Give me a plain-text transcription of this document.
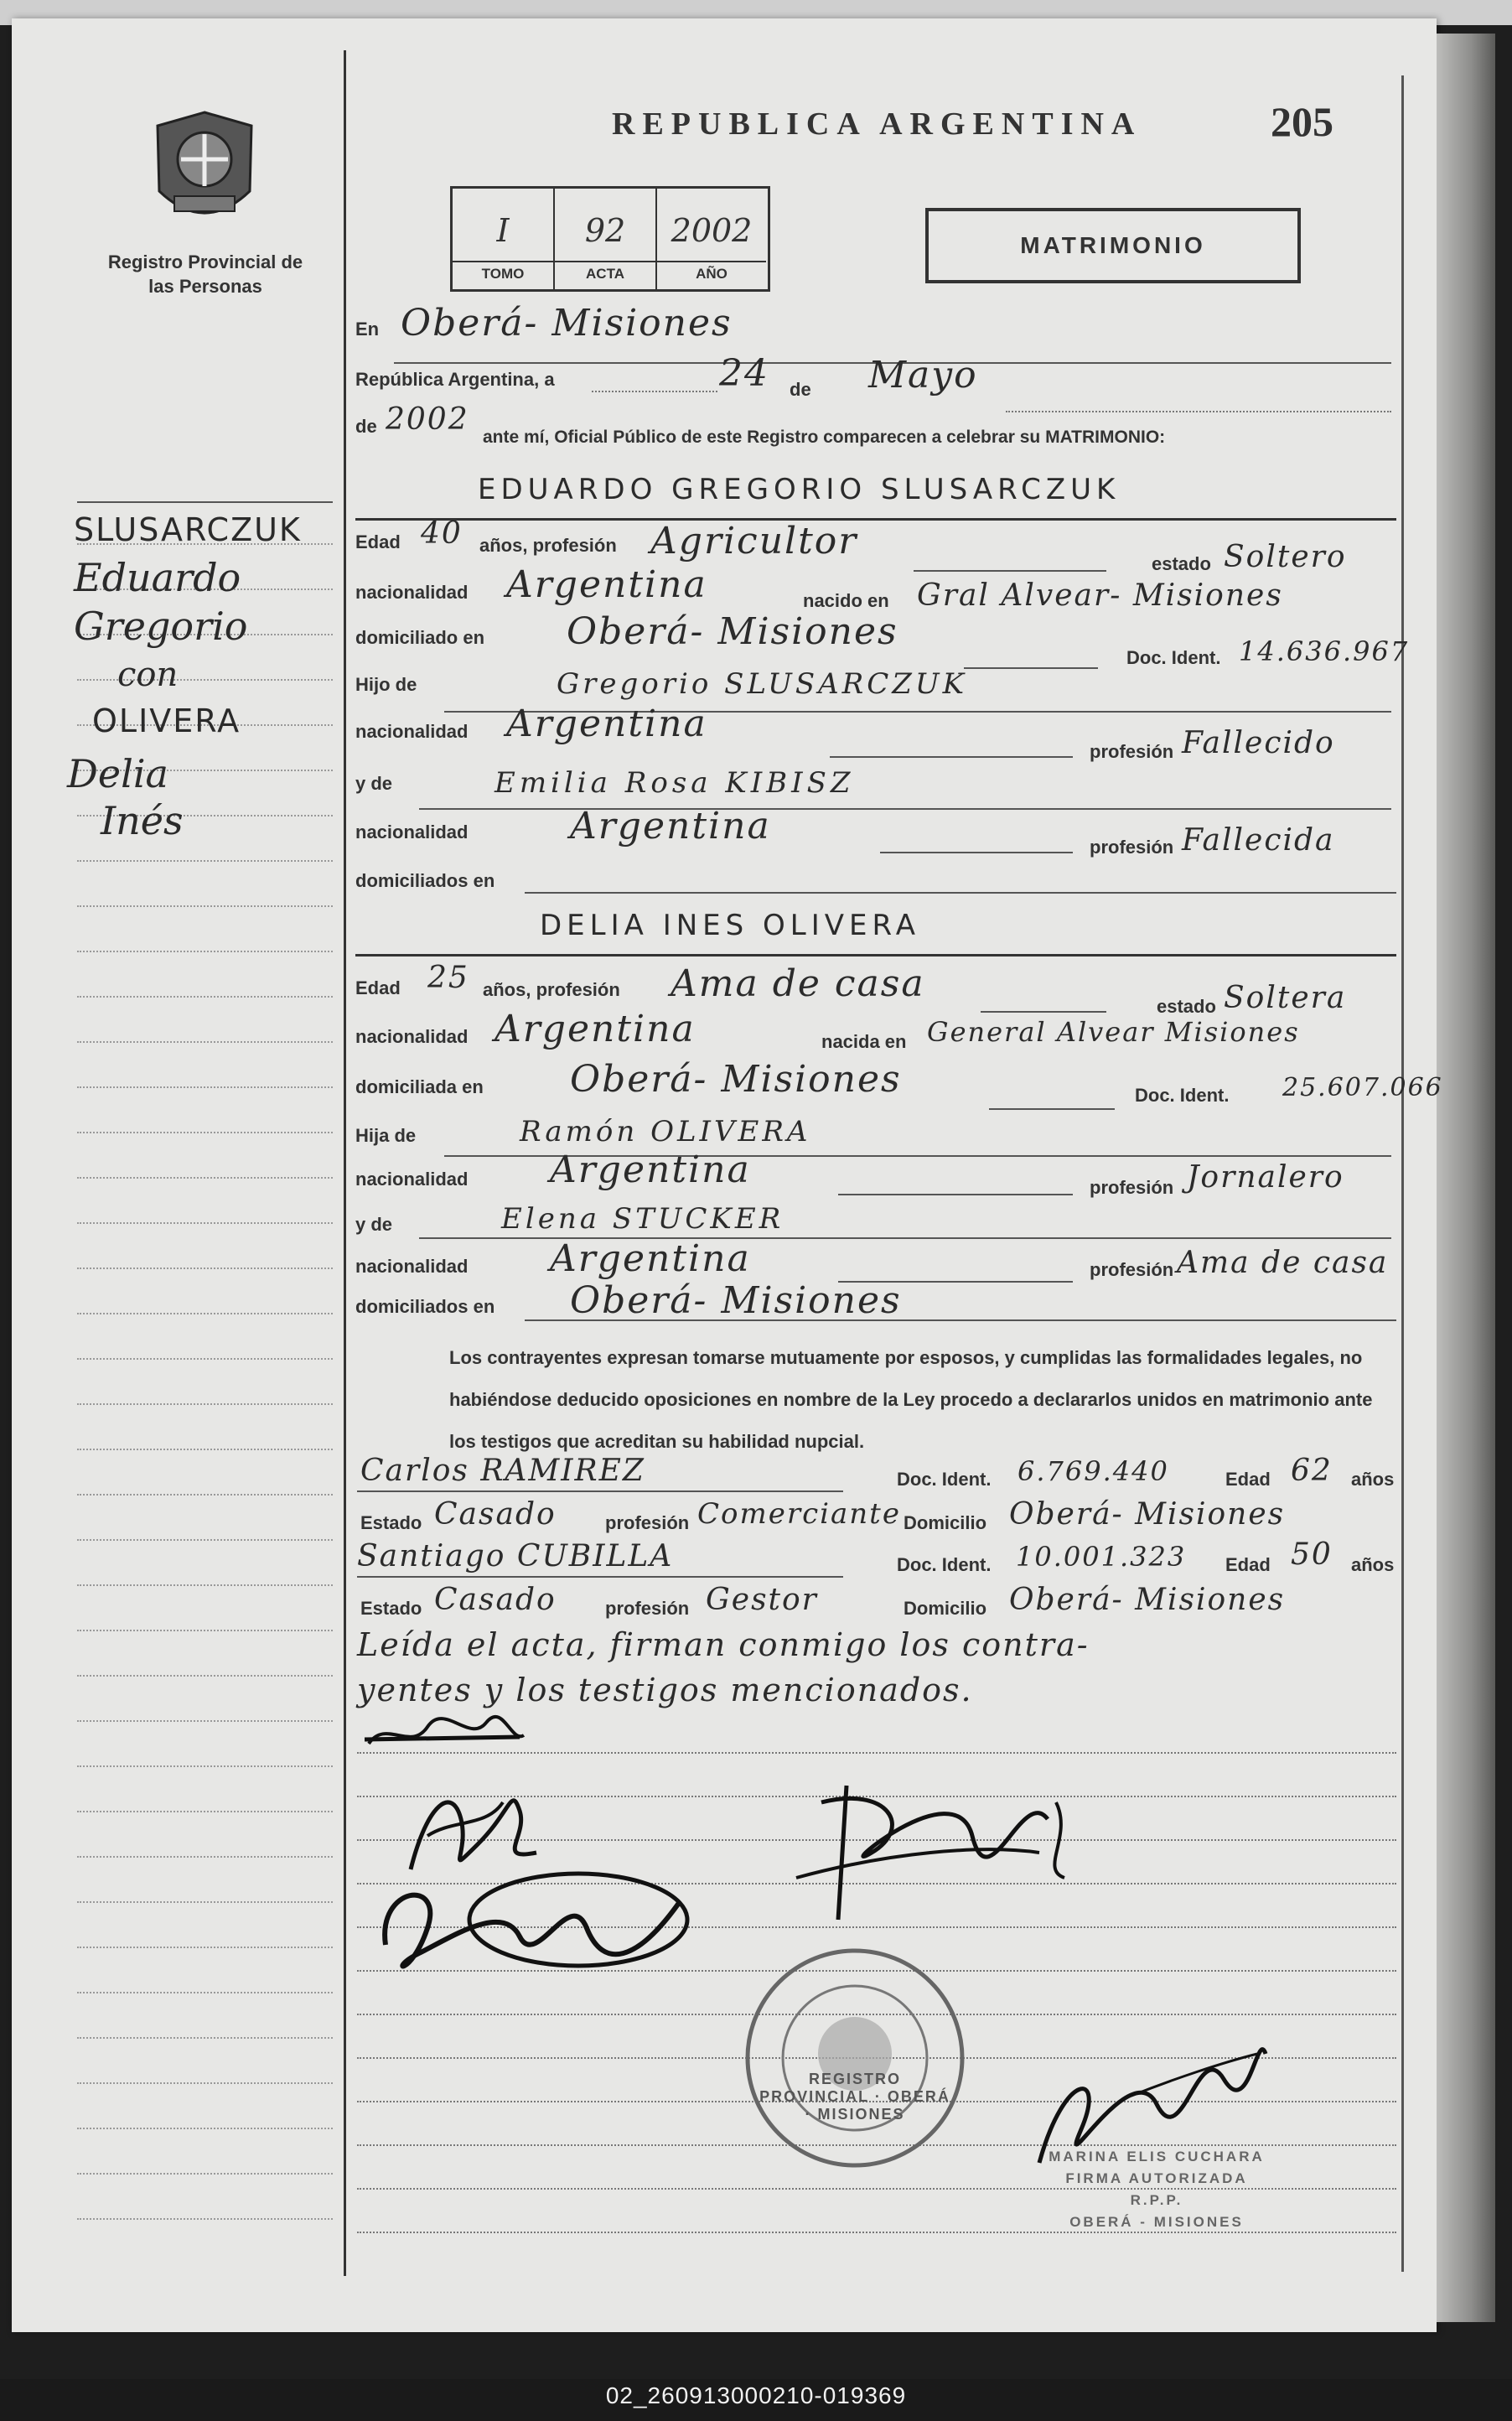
02_260913000210-019369
Registro Provincial de las Personas
SLUSARCZUK
Eduardo
Gregorio
con
OLIVERA
Delia
Inés
REPUBLICA ARGENTINA	205
I
TOMO
92
ACTA
2002
AÑO
MATRIMONIO
En Oberá- Misiones
República Argentina, a	24 de Mayo
de 2002
ante mí, Oficial Público de este Registro comparecen a celebrar su MATRIMONIO:
EDUARDO GREGORIO SLUSARCZUK
Edad 40 años, profesión Agricultor
estado Soltero
nacionalidad Argentina	nacido en Gral Alvear- Misiones
domiciliado en Oberá- Misiones
Doc. Ident. 14.636.967
Hijo de	Gregorio SLUSARCZUK
nacionalidad Argentina
profesión Fallecido
y de	Emilia Rosa KIBISZ
nacionalidad	Argentina	profesión Fallecida
domiciliados en
DELIA INES OLIVERA
Edad 25 años, profesión Ama de casa
estado Soltera
nacionalidad Argentina	nacida en General Alvear Misiones
domiciliada en Oberá- Misiones	Doc. Ident. 25.607.066
Hija de	Ramón OLIVERA
nacionalidad Argentina	profesión Jornalero
y de	Elena STUCKER
nacionalidad Argentina	profesión Ama de casa
domiciliados en Oberá- Misiones
Los contrayentes expresan tomarse mutuamente por esposos, y cumplidas las formalidades legales, no habiéndose deducido oposiciones en nombre de la Ley procedo a declararlos unidos en matrimonio ante los testigos que acreditan su habilidad nupcial.
Carlos RAMIREZ	Doc. Ident. 6.769.440	Edad 62 años
Estado Casado	profesión Comerciante Domicilio Oberá- Misiones
Santiago CUBILLA	Doc. Ident. 10.001.323 Edad 50 años
Estado Casado	profesión Gestor	Domicilio Oberá- Misiones
Leída el acta, firman conmigo los contra-
yentes y los testigos mencionados.
REGISTRO PROVINCIAL · OBERÁ · MISIONES
MARINA ELIS CUCHARA
FIRMA AUTORIZADA
R.P.P.
OBERÁ - MISIONES
